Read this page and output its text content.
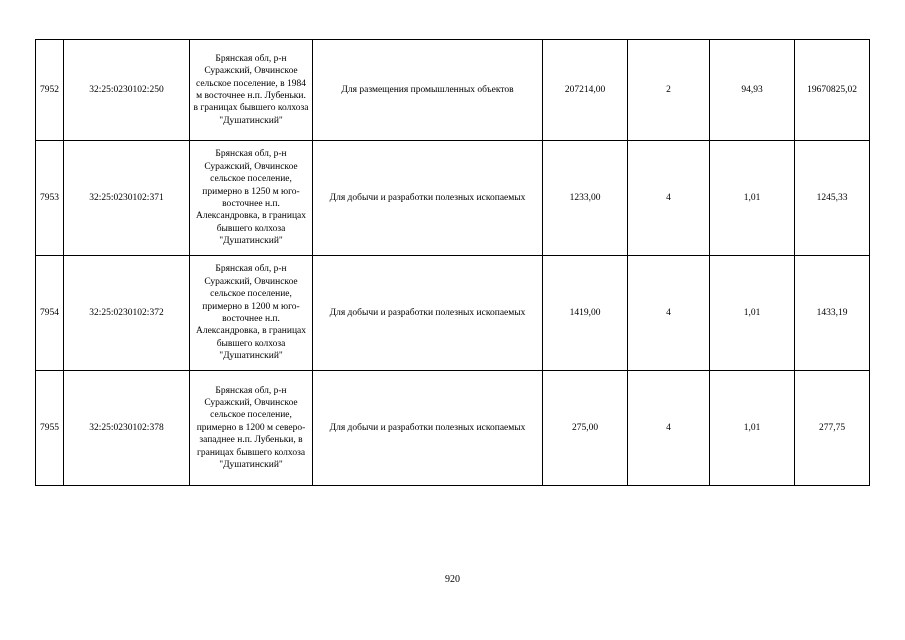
7952	32:25:0230102:250	Брянская обл, р-н Суражский, Овчинское сельское поселение, в 1984 м восточнее н.п. Лубеньки. в границах бывшего колхоза "Душатинский"	Для размещения промышленных объектов	207214,00	2	94,93	19670825,02
7953	32:25:0230102:371	Брянская обл, р-н Суражский, Овчинское сельское поселение, примерно в 1250 м юго-восточнее н.п. Александровка, в границах бывшего колхоза "Душатинский"	Для добычи и разработки полезных ископаемых	1233,00	4	1,01	1245,33
7954	32:25:0230102:372	Брянская обл, р-н Суражский, Овчинское сельское поселение, примерно в 1200 м юго-восточнее н.п. Александровка, в границах бывшего колхоза "Душатинский"	Для добычи и разработки полезных ископаемых	1419,00	4	1,01	1433,19
7955	32:25:0230102:378	Брянская обл, р-н Суражский, Овчинское сельское поселение, примерно в 1200 м северо-западнее н.п. Лубеньки, в границах бывшего колхоза "Душатинский"	Для добычи и разработки полезных ископаемых	275,00	4	1,01	277,75
920
